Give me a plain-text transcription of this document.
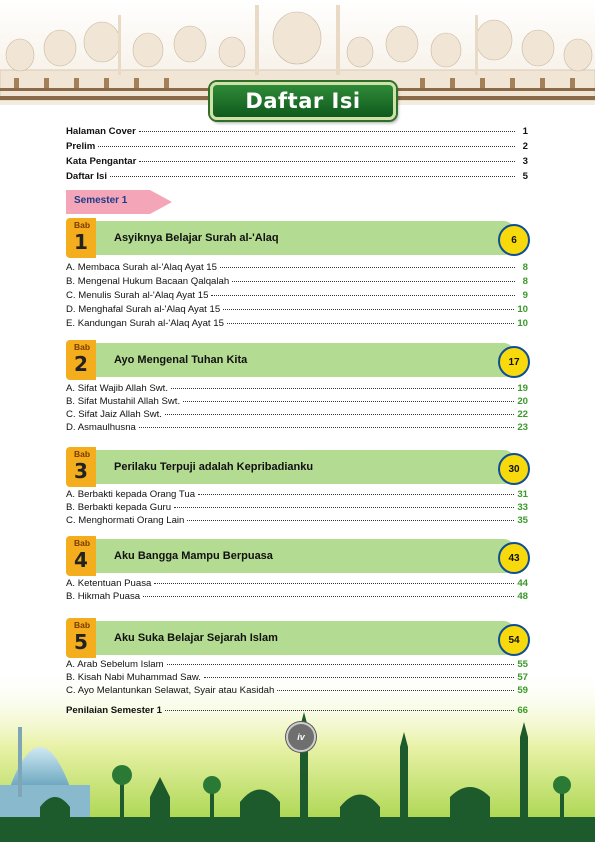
Daftar Isi
Halaman Cover	1
Prelim	2
Kata Pengantar	3
Daftar Isi	5
Semester 1
Asyiknya Belajar Surah al-'Alaq
Bab
1	6
A. Membaca Surah al-'Alaq Ayat 15	8
B. Mengenal Hukum Bacaan Qalqalah	8
C. Menulis Surah al-'Alaq Ayat 15	9
D. Menghafal Surah al-'Alaq Ayat 15	10
E. Kandungan Surah al-'Alaq Ayat 15	10
Ayo Mengenal Tuhan Kita
Bab
2	17
A. Sifat Wajib Allah Swt.	19
B. Sifat Mustahil Allah Swt.	20
C. Sifat Jaiz Allah Swt.	22
D. Asmaulhusna	23
Perilaku Terpuji adalah Kepribadianku
Bab
3	30
A. Berbakti kepada Orang Tua	31
B. Berbakti kepada Guru	33
C. Menghormati Orang Lain	35
Aku Bangga Mampu Berpuasa
Bab
4	43
A. Ketentuan Puasa	44
B. Hikmah Puasa	48
Aku Suka Belajar Sejarah Islam
Bab
5	54
A. Arab Sebelum Islam	55
B. Kisah Nabi Muhammad Saw.	57
C. Ayo Melantunkan Selawat, Syair atau Kasidah	59
Penilaian Semester 1	66
iv
